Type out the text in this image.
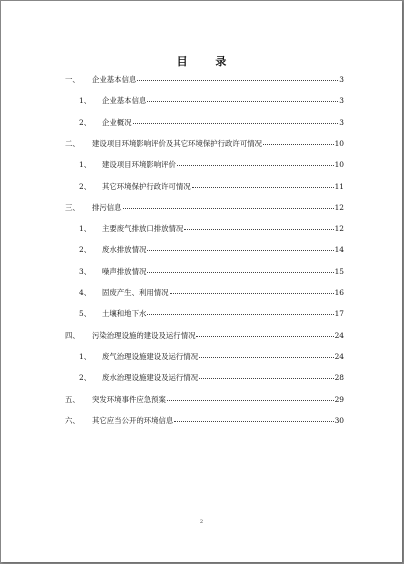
目 录
一、	企业基本信息	3
1、	企业基本信息	3
2、	企业概况	3
二、	建设项目环境影响评价及其它环境保护行政许可情况	10
1、	建设项目环境影响评价	10
2、	其它环境保护行政许可情况	11
三、	排污信息	12
1、	主要废气排放口排放情况	12
2、	废水排放情况	14
3、	噪声排放情况	15
4、	固废产生、利用情况	16
5、	土壤和地下水	17
四、	污染治理设施的建设及运行情况	24
1、	废气治理设施建设及运行情况	24
2、	废水治理设施建设及运行情况	28
五、	突发环境事件应急预案	29
六、	其它应当公开的环境信息	30
2
